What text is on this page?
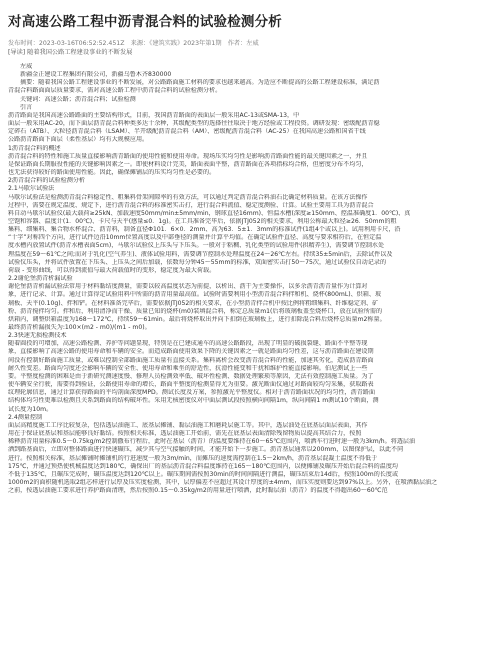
对高速公路工程中沥青混合料的试验检测分析
发布时间：2023-03-16T06:52:52.451Z　来源：《建筑实践》2023年第1期　作者：左威
[导读] 随着我国公路工程建设事业的不断发展
左威
新疆金正建设工程集团有限公司，新疆乌鲁木齐830000
摘要：随着我国公路工程建设事业的不断发展，对公路路面施工材料的要求也越来越高。为适应不断提高的公路工程建设标准，满足沥
青混合料路面面层质量要求，需对高速公路工程中沥青混合料的试验检测分析。
关键词：高速公路；沥青混合料；试验检测
引言
沥青路面是我国高速公路路面的主要结构形式，目前，我国沥青路面的表面层一般采用AC-13或SMA-13，中
面层一般采用AC-20，而下面层沥青混合料种类多达十余种，其级配类型的选择往往取决于地方经验或工程投资。调研发现：密级配沥青稳
定碎石（ATB）、大粒径沥青混合料（LSAM）、半开级配沥青混合料（AM）、密级配沥青混合料（AC-25）在我国高速公路和国省干线
公路沥青路面下面层（柔性基层）均有大规模应用。
1沥青混合料的概述
沥青混合料的特性和施工质量直接影响沥青路面的使用性能和使用寿命。现场压实均匀性是影响沥青路面性能的最关键因素之一，并且
是保证路面长期服役性能的关键影响因素之一。即使材料设计完美，路面表面平整，沥青路面在各项指标均合格，但密度分布不均匀，
也无法获得较好的路面使用性能。因此，确保摊铺层的压实均匀性是必要的。
2沥青混合料的试验检测分析
2.1马歇尔试验法
马歇尔试验法是检测沥青混合料稳定性、粗集料骨架间隙率的有效方法，可以通过判定沥青混合料油石比确定材料质量。在该方法操作
过程中，需要在规定温度、规定下，进行沥青混合料的标准密实击打，进行混合料流值、稳定度测验、计算。试验主要用工具为沥青混合
料自动马歇尔试验仪(最大载荷≥25kN、加载速度50mm/min±5mm/min，钢球直径16mm)、恒温水槽(深度≥150mm、控温准确度1．00℃)、真
空饱和容器、温度计(1．00℃)、卡尺与天平(感量≤0．1g)。在工具准备完毕后，依据JTJ052的相关要求，利用公称最大粒径≥26．50mm的粗
集料、细集料、集合物水杯混合、沥青料，制备直径Φ101．6×0．2mm、高为63．5±1．3mm的标准试件(1组4个或以上)。试用利用卡尺，沿
“十字”对称四个方向，进行试件边沿10mm位置高度以及中部垂径的测量并计算平均值。在确定试验件直径、高度与要求相符后，在恒定温
度水槽内放置试件(沥青水槽表面5cm)，马歇尔试验仪上压头与下压头。一般对于粘稠、乳化类型的试验用件(拱精养生)，需要调节控制水处
理温度在59～61℃之间;而对于乳化(空气养生)、液体试验用料，需要调节控制水处理温度在24～26℃左右。持续35±5min后，去除试件以及
试验仪压头，并将试件放置在下压头、上压头之间后加载，依数每分钟45～55mm的标准，双面密实击打50～75次，通过试验仪自动记录的
荷载 - 变形曲线，可以得到流值与最大荷载值时的变形，稳定度为最大荷载。
2.2谢伦堡沥青析漏试验
谢伦堡沥青析漏试验法常用于材料黏结度测量，需要以较高温度状态为前提，以析出、沥干为主要操作，以多余沥青沥青量作为计算对
象，进行记录、计算。通过计算得定试验用料中所需的沥青用量最高值。试验时需要利用小型沥青混合料拌和机、烧杯(800mL)、烘箱、玻
璃板、天平(0.10g)、拌和铲。在材料准备完毕后，需要依据JTJ052的相关要求，在小型沥青拌合机中按比例将粗细集料、纤维稳定剂、矿
粉、沥青搅拌均匀。拌和后，利用清净而干燥、质量已知的烧杯(m0)装填混合料，称定总质量m1(后将玻璃板盖至烧杯口，放在试验所需的
烘箱内，调整烘箱温度为168～172℃，持续59～61min。最后将烧杯取出并向下扣倒在玻璃板上，进行扣除混合料后烧杯总质量m2称量。
最终沥青析漏损失为:100×(m2 - m0)/(m1 - m0)。
2.3快速无损检测技术
随着圆投的可增加，高速公路检测、养护等问题显现，特别是在已建成通车的高速公路路段，出现了明显的破损裂缝、路面不平整等现
象，直接影响了高速公路的使用寿命和车辆的安全。而造成路面使用效果下降的关键因素之一就是路面均匀性差，这与沥青路面在建设期
间没有控制好路面施工质量，或难以控制全部路面施工质量有直接关系。集料离析会改变沥青混合料的性能，加速其劣化，造成沥青路面
耐久性变差。路面均匀度还会影响车辆的安全性、使用寿命和乘坐的舒适性，抗滑性能变和干扰和维护性能直接影响。伯尼测试上一些
要。平整度检测的困难是由于新研究测速度慢、修理人员检测效率低、破坏性检测、数据处理繁琐等原因，无法有效控制施工质量。为了
使车辆安全行驶，需要得到验证，公路使用寿命的增长，路面平整度的检测显得尤为重要。激光断面仪通过对路面较均匀采集，获取路表
纹理轮廓信息，通过计算获得路面的平均剖面深度MPD。测试长度及方案，参照激光平整度仪。相对于沥青路面状况的均匀性，沥青路面
结构体均匀性更难以检测且关系到路面的结构破坏性。采用无核密度仪对中面层测试段按照横向间隔1m，纵向间隔1 m测试10个断面，测
试长度为10m。
2.4测量控制
面层高精度施工工序比较复杂，包括透层油施工、底基层摊铺、黏层油施工和磨耗层施工等。其中，透层油处在底基层面层表面，其作
用在于保证底基层和基层能够良好黏结。按照相关标准，透层油施工开始前，需先在底基层表面清除残留物质以提高其结合力，按照
稀释沥青用量标准0.5～0.75kg/m2控制撒布行程后，此时在基层（沥青）的温度要维持在60～65℃范围内，喷洒车行进时速一般为3km/h。将透层油
洒到路基面后，立即对整体路面进行快速碾压，减少其与空气接触的时间，才能开始下一步施工。沥青基层通常以200mm，以图保护层，以此不同
进行。按照相关标准，基层摊铺时摊铺机的行进速度一般为3m/min，而摊压的速度需控制在1.5～2km/h，沥青基层混凝土温度不得低于
175℃，并通过预热使机械温度达到180℃，确保出厂的基层沥青混合料温度维持在165～180℃范围内，以便摊铺及碾压开始后混合料的温度均
不低于135℃，且碾压完成时，碾压温度达到120℃以上。碾压期间需按照30min的时间间隔进行测温，碾压结束后14d后，按照100m的长度或
1000m2的面积随机选取2组芯样进行层厚及压实度检测，其中，层厚偏差不应超过其设计厚度的±4mm，而压实度则要达到97%以上。另外，在喷洒黏层油之
之前，按透层油施工要求进行养护路面清理，然后按照0.15～0.35kg/m2的用量进行喷洒，此时黏层油（沥青）的温度不得超出60～60℃范
